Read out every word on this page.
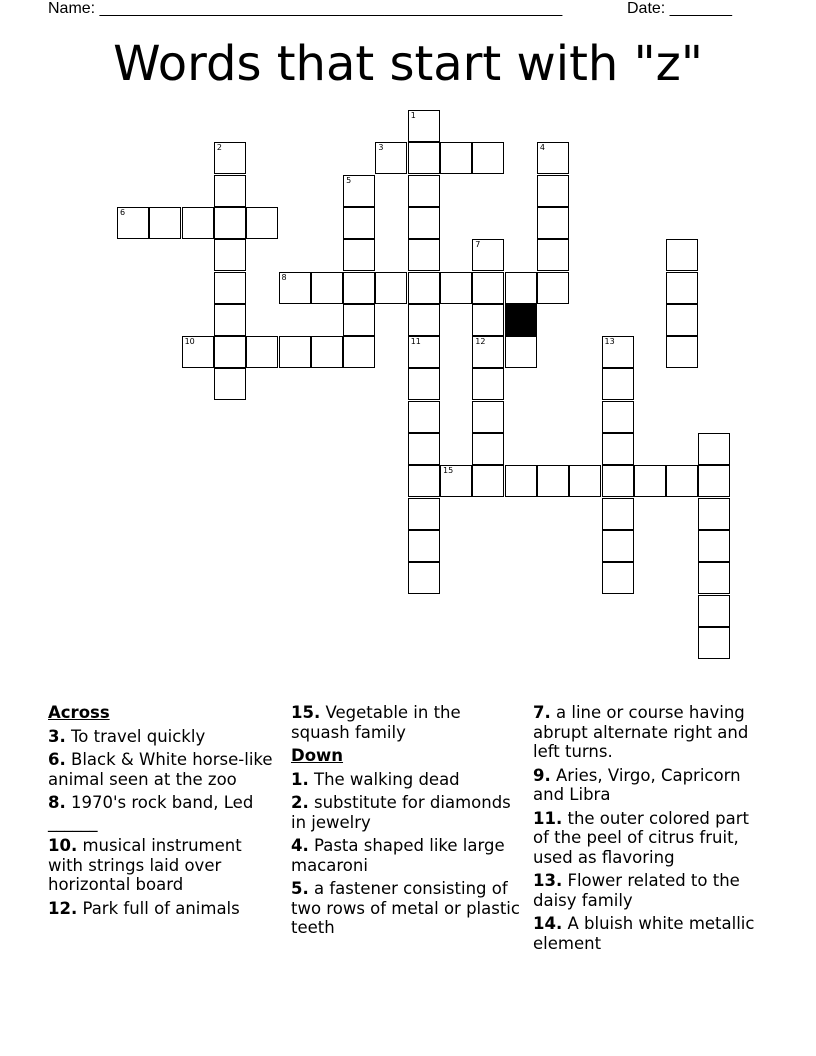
Name: ____________________________________________________	Date: _______
Words that start with "z"
1
11
2	4
5
7
12	13
3
6
8
10
15
Across
3. To travel quickly
6. Black & White horse-like animal seen at the zoo
8. 1970's rock band, Led ______
10. musical instrument with strings laid over horizontal board
12. Park full of animals
15. Vegetable in the squash family
Down
1. The walking dead
2. substitute for diamonds in jewelry
4. Pasta shaped like large macaroni
5. a fastener consisting of two rows of metal or plastic teeth
7. a line or course having abrupt alternate right and left turns.
9. Aries, Virgo, Capricorn and Libra
11. the outer colored part of the peel of citrus fruit, used as flavoring
13. Flower related to the daisy family
14. A bluish white metallic element
